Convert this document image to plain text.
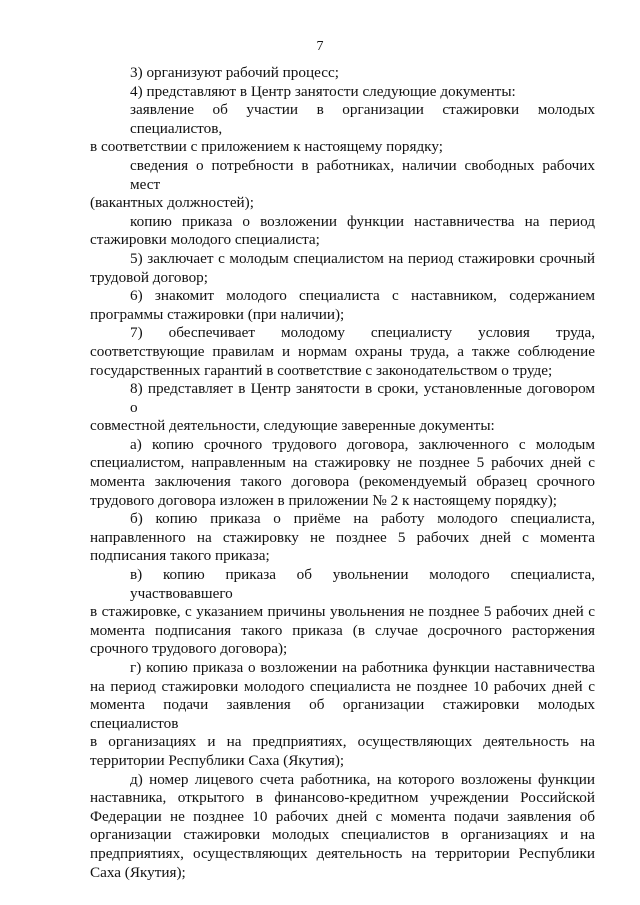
7
3) организуют рабочий процесс;
4) представляют в Центр занятости следующие документы:
заявление об участии в организации стажировки молодых специалистов,
в соответствии с приложением к настоящему порядку;
сведения о потребности в работниках, наличии свободных рабочих мест
(вакантных должностей);
копию приказа о возложении функции наставничества на период
стажировки молодого специалиста;
5) заключает с молодым специалистом на период стажировки срочный
трудовой договор;
6) знакомит молодого специалиста с наставником, содержанием
программы стажировки (при наличии);
7) обеспечивает молодому специалисту условия труда,
соответствующие правилам и нормам охраны труда, а также соблюдение
государственных гарантий в соответствие с законодательством о труде;
8) представляет в Центр занятости в сроки, установленные договором о
совместной деятельности, следующие заверенные документы:
а) копию срочного трудового договора, заключенного с молодым
специалистом, направленным на стажировку не позднее 5 рабочих дней с
момента заключения такого договора (рекомендуемый образец срочного
трудового договора изложен в приложении № 2 к настоящему порядку);
б) копию приказа о приёме на работу молодого специалиста,
направленного на стажировку не позднее 5 рабочих дней с момента
подписания такого приказа;
в) копию приказа об увольнении молодого специалиста, участвовавшего
в стажировке, с указанием причины увольнения не позднее 5 рабочих дней с
момента подписания такого приказа (в случае досрочного расторжения
срочного трудового договора);
г) копию приказа о возложении на работника функции наставничества
на период стажировки молодого специалиста не позднее 10 рабочих дней с
момента подачи заявления об организации стажировки молодых специалистов
в организациях и на предприятиях, осуществляющих деятельность на
территории Республики Саха (Якутия);
д) номер лицевого счета работника, на которого возложены функции
наставника, открытого в финансово-кредитном учреждении Российской
Федерации не позднее 10 рабочих дней с момента подачи заявления об
организации стажировки молодых специалистов в организациях и на
предприятиях, осуществляющих деятельность на территории Республики
Саха (Якутия);
